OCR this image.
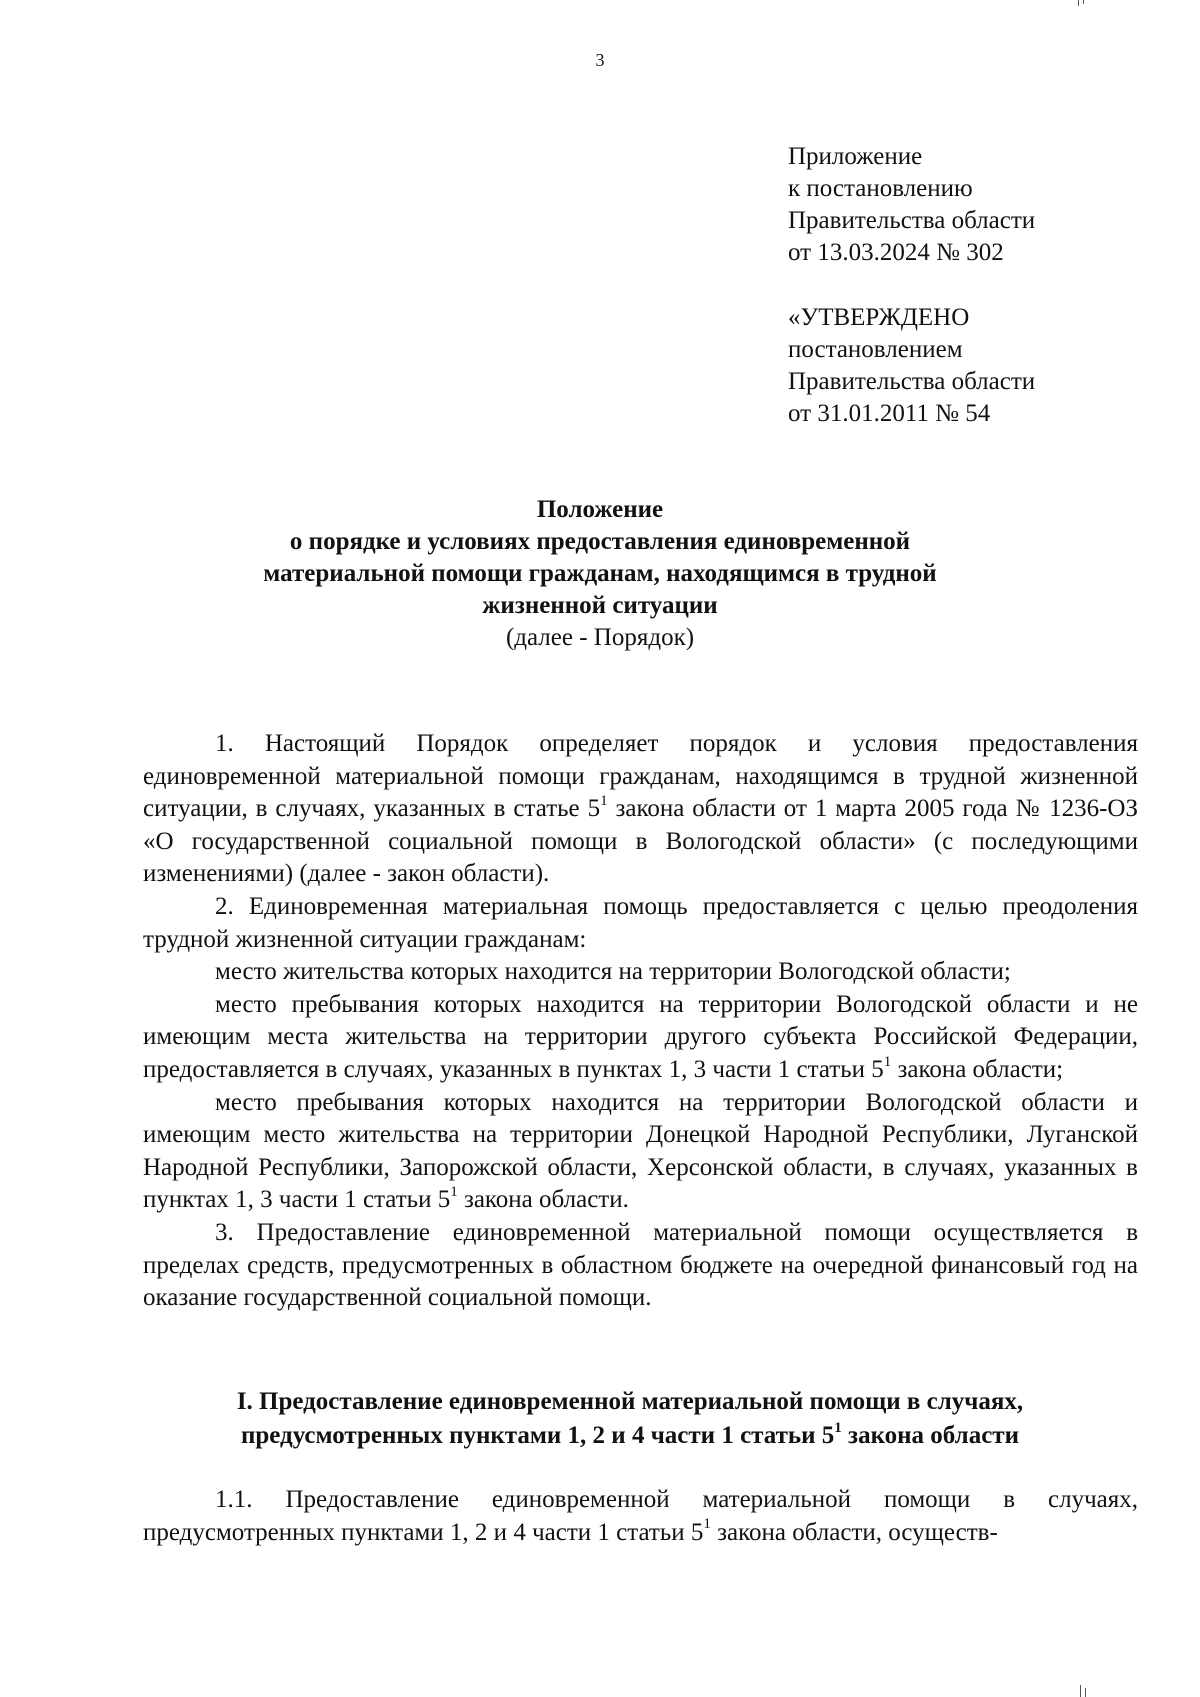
3
Приложение
к постановлению
Правительства области
от 13.03.2024 № 302
«УТВЕРЖДЕНО
постановлением
Правительства области
от 31.01.2011 № 54
Положение
о порядке и условиях предоставления единовременной
материальной помощи гражданам, находящимся в трудной
жизненной ситуации
(далее - Порядок)

1. Настоящий Порядок определяет порядок и условия предоставления единовременной материальной помощи гражданам, находящимся в трудной жизненной ситуации, в случаях, указанных в статье $5^1$ закона области от 1 марта 2005 года № 1236-ОЗ «О государственной социальной помощи в Вологодской области» (с последующими изменениями) (далее - закон области).

2. Единовременная материальная помощь предоставляется с целью преодоления трудной жизненной ситуации гражданам:

место жительства которых находится на территории Вологодской области;

место пребывания которых находится на территории Вологодской области и не имеющим места жительства на территории другого субъекта Российской Федерации, предоставляется в случаях, указанных в пунктах 1, 3 части 1 статьи $5^1$ закона области;

место пребывания которых находится на территории Вологодской области и имеющим место жительства на территории Донецкой Народной Республики, Луганской Народной Республики, Запорожской области, Херсонской области, в случаях, указанных в пунктах 1, 3 части 1 статьи $5^1$ закона области.

3. Предоставление единовременной материальной помощи осуществляется в пределах средств, предусмотренных в областном бюджете на очередной финансовый год на оказание государственной социальной помощи.

I. Предоставление единовременной материальной помощи в случаях,
предусмотренных пунктами 1, 2 и 4 части 1 статьи $5^1$ закона области

1.1. Предоставление единовременной материальной помощи в случаях, предусмотренных пунктами 1, 2 и 4 части 1 статьи $5^1$ закона области, осуществ-
